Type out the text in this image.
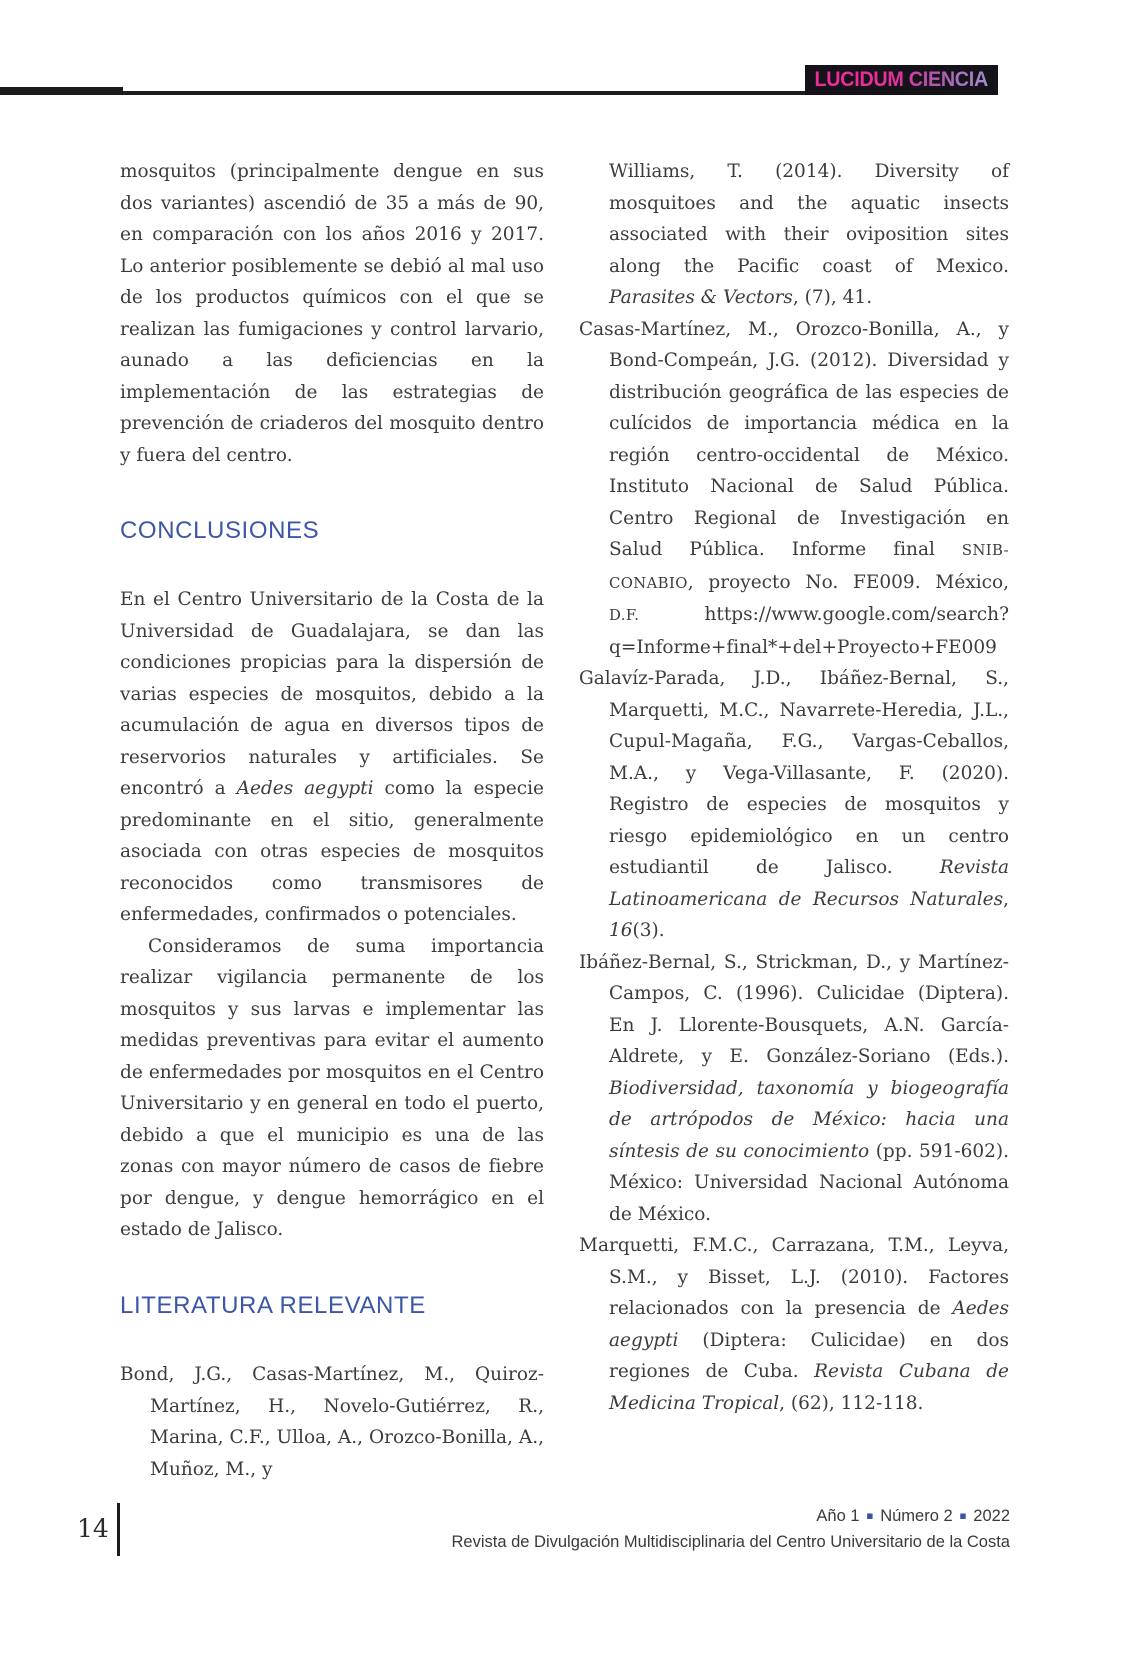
LUCIDUM CIENCIA

mosquitos (principalmente dengue en sus dos variantes) ascendió de 35 a más de 90, en comparación con los años 2016 y 2017. Lo anterior posiblemente se debió al mal uso de los productos químicos con el que se realizan las fumigaciones y control larvario, aunado a las deficiencias en la implementación de las estrategias de prevención de criaderos del mosquito dentro y fuera del centro.

CONCLUSIONES

En el Centro Universitario de la Costa de la Universidad de Guadalajara, se dan las condiciones propicias para la dispersión de varias especies de mosquitos, debido a la acumulación de agua en diversos tipos de reservorios naturales y artificiales. Se encontró a Aedes aegypti como la especie predominante en el sitio, generalmente asociada con otras especies de mosquitos reconocidos como transmisores de enfermedades, confirmados o potenciales.

Consideramos de suma importancia realizar vigilancia permanente de los mosquitos y sus larvas e implementar las medidas preventivas para evitar el aumento de enfermedades por mosquitos en el Centro Universitario y en general en todo el puerto, debido a que el municipio es una de las zonas con mayor número de casos de fiebre por dengue, y dengue hemorrágico en el estado de Jalisco.

LITERATURA RELEVANTE

Bond, J.G., Casas-Martínez, M., Quiroz-Martínez, H., Novelo-Gutiérrez, R., Marina, C.F., Ulloa, A., Orozco-Bonilla, A., Muñoz, M., y

Williams, T. (2014). Diversity of mosquitoes and the aquatic insects associated with their oviposition sites along the Pacific coast of Mexico. Parasites & Vectors, (7), 41.

Casas-Martínez, M., Orozco-Bonilla, A., y Bond-Compeán, J.G. (2012). Diversidad y distribución geográfica de las especies de culícidos de importancia médica en la región centro-occidental de México. Instituto Nacional de Salud Pública. Centro Regional de Investigación en Salud Pública. Informe final SNIB-CONABIO, proyecto No. FE009. México, D.F. https://www.google.com/search?q=Informe+final*+del+Proyecto+FE009

Galavíz-Parada, J.D., Ibáñez-Bernal, S., Marquetti, M.C., Navarrete-Heredia, J.L., Cupul-Magaña, F.G., Vargas-Ceballos, M.A., y Vega-Villasante, F. (2020). Registro de especies de mosquitos y riesgo epidemiológico en un centro estudiantil de Jalisco. Revista Latinoamericana de Recursos Naturales, 16(3).

Ibáñez-Bernal, S., Strickman, D., y Martínez-Campos, C. (1996). Culicidae (Diptera). En J. Llorente-Bousquets, A.N. García-Aldrete, y E. González-Soriano (Eds.). Biodiversidad, taxonomía y biogeografía de artrópodos de México: hacia una síntesis de su conocimiento (pp. 591-602). México: Universidad Nacional Autónoma de México.

Marquetti, F.M.C., Carrazana, T.M., Leyva, S.M., y Bisset, L.J. (2010). Factores relacionados con la presencia de Aedes aegypti (Diptera: Culicidae) en dos regiones de Cuba. Revista Cubana de Medicina Tropical, (62), 112-118.

14	Año 1 ▪ Número 2 ▪ 2022
Revista de Divulgación Multidisciplinaria del Centro Universitario de la Costa
